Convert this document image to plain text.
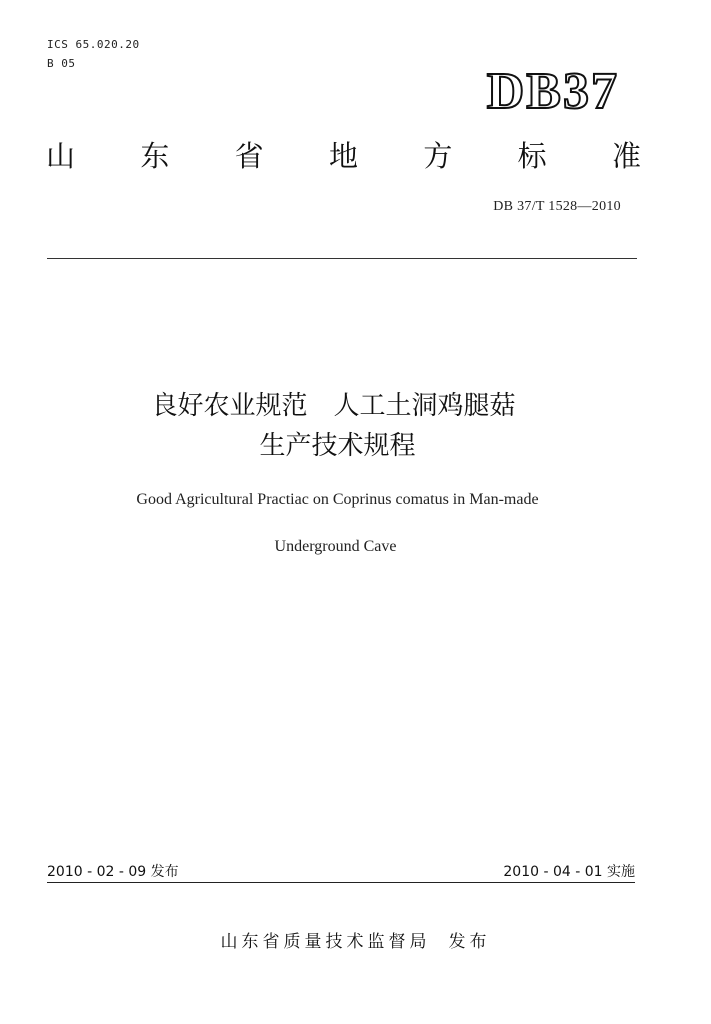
ICS 65.020.20
B 05	DB37
山 东 省 地 方 标 准
DB 37/T 1528—2010
良好农业规范　人工土洞鸡腿菇
生产技术规程
Good Agricultural Practiac on Coprinus comatus in Man-made
Underground Cave
2010 - 02 - 09 发布	2010 - 04 - 01 实施
山东省质量技术监督局 发布
